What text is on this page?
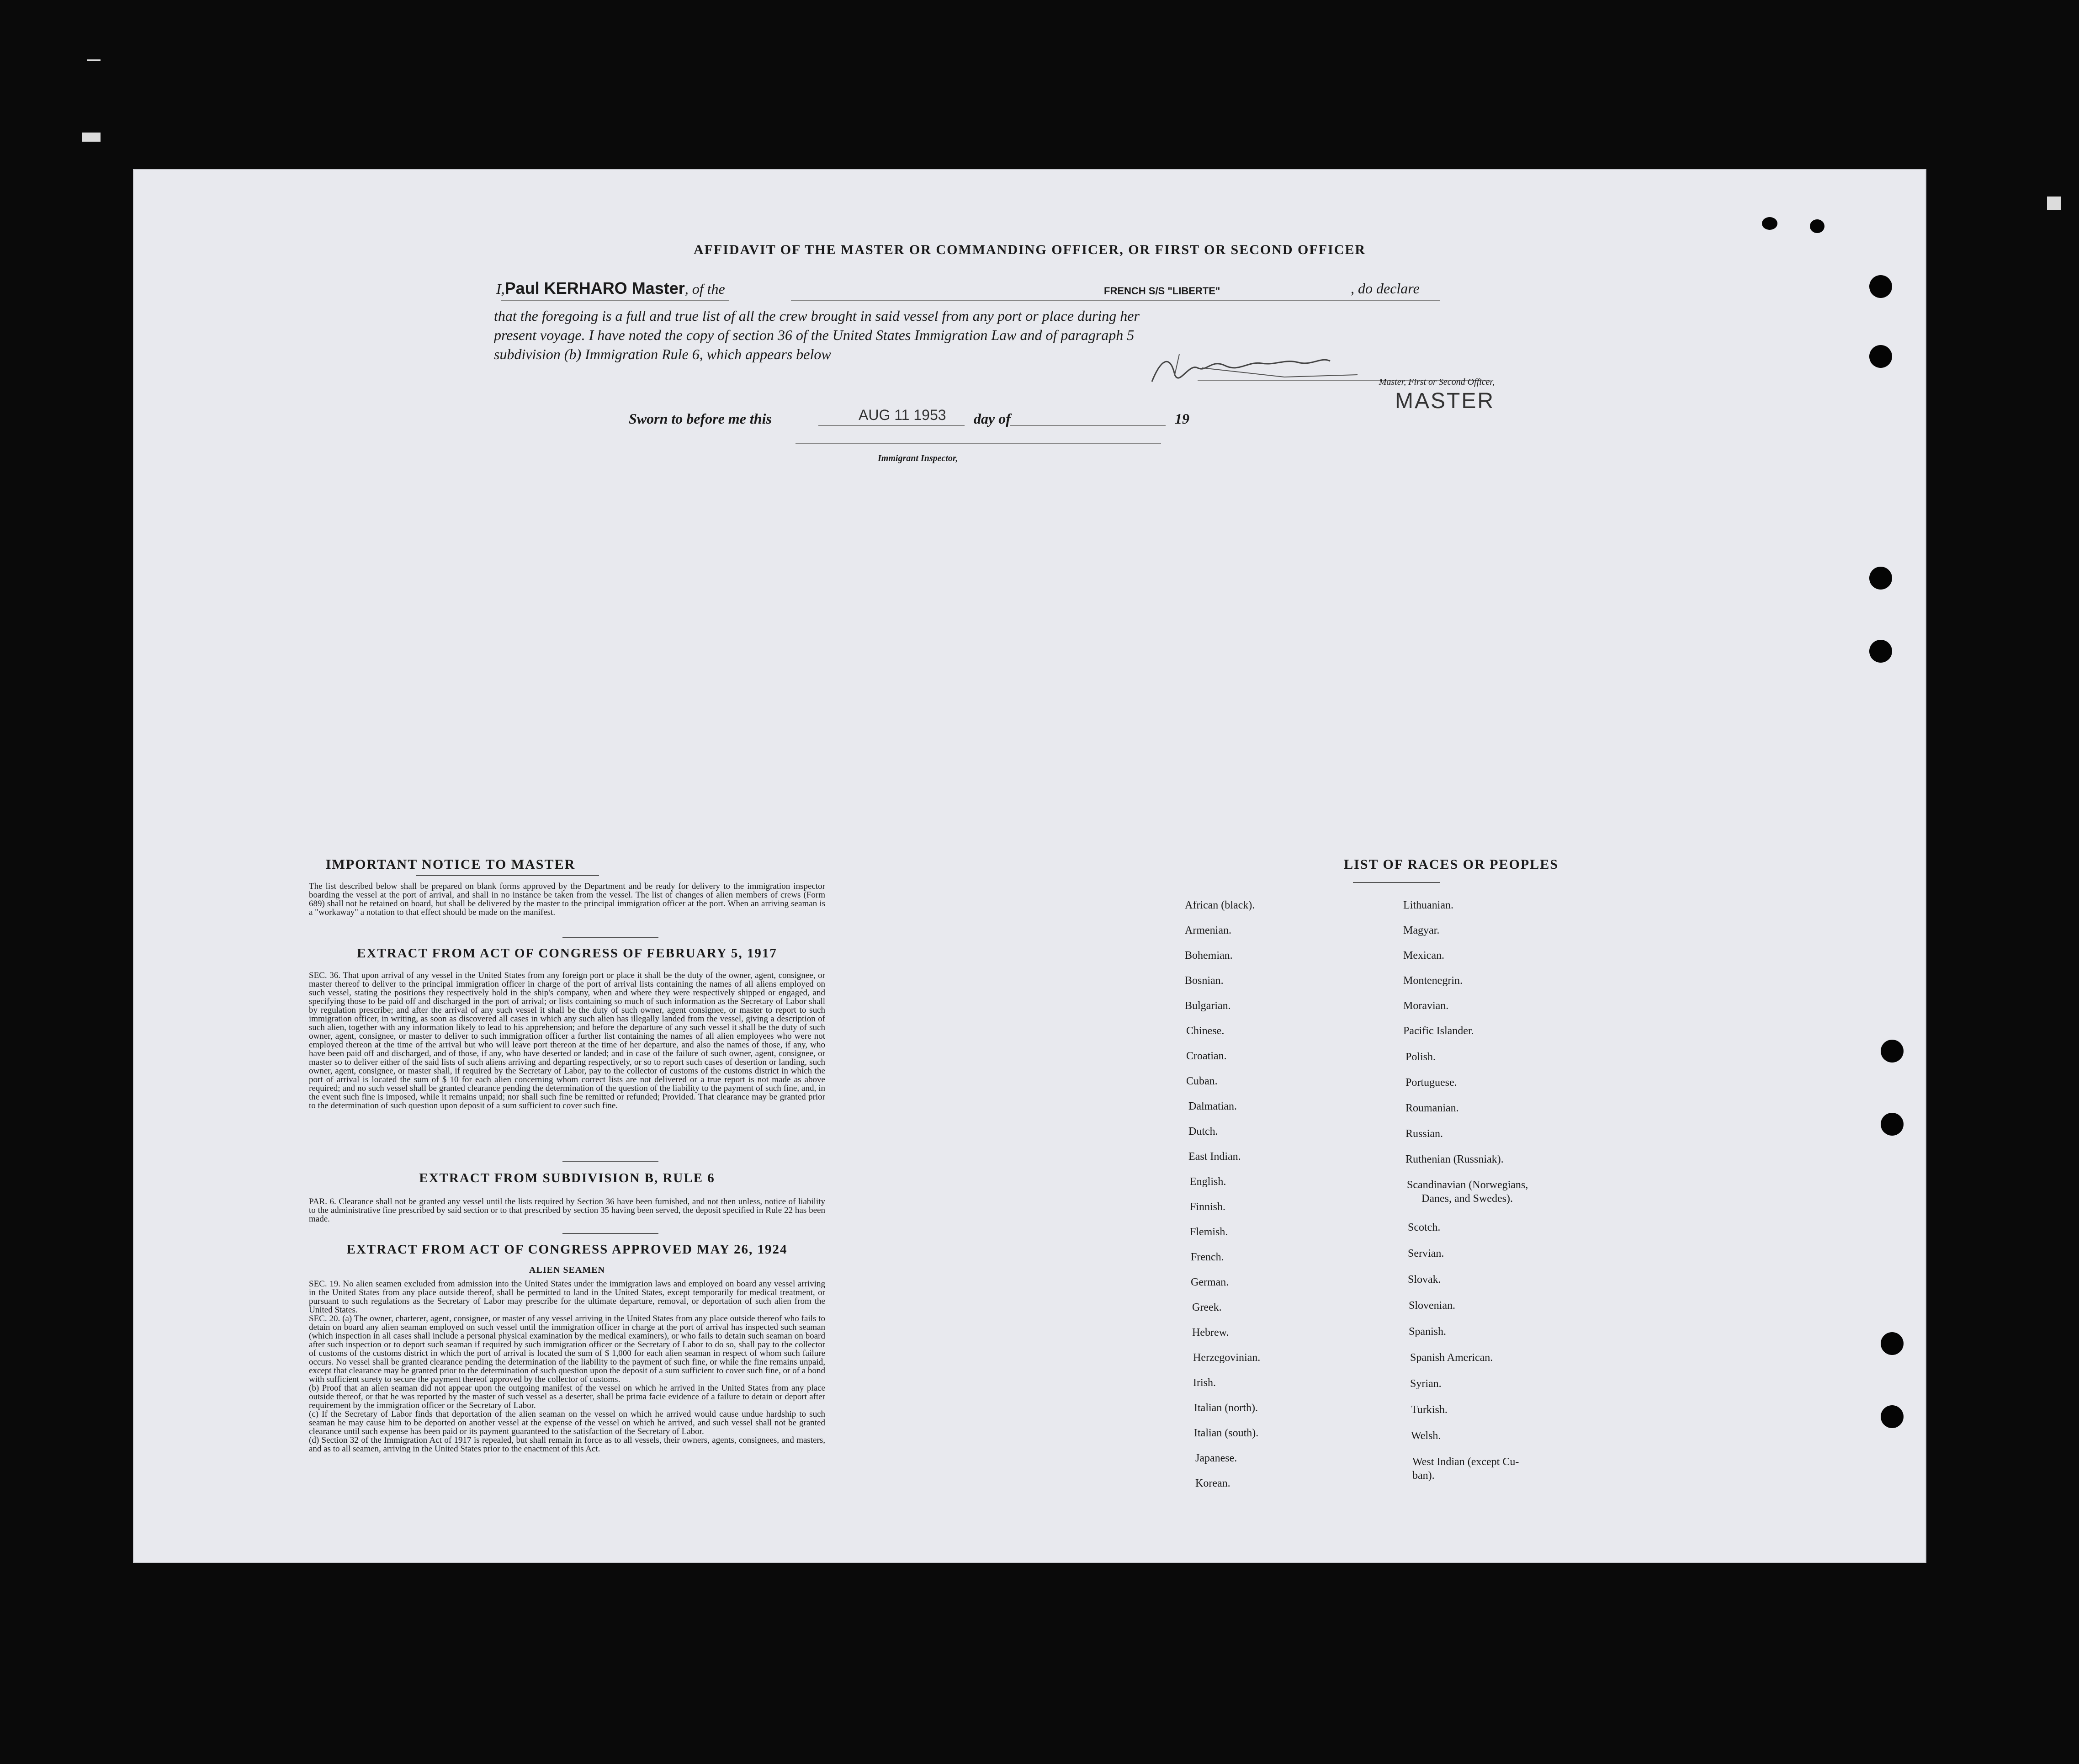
AFFIDAVIT OF THE MASTER OR COMMANDING OFFICER, OR FIRST OR SECOND OFFICER
I,Paul KERHARO Master, of the	FRENCH S/S "LIBERTE"	, do declare
that the foregoing is a full and true list of all the crew brought in said vessel from any port or place during her
present voyage. I have noted the copy of section 36 of the United States Immigration Law and of paragraph 5
subdivision (b) Immigration Rule 6, which appears below
Master, First or Second Officer,
MASTER
Sworn to before me this	AUG 11 1953 day of	19
Immigrant Inspector,
IMPORTANT NOTICE TO MASTER
The list described below shall be prepared on blank forms approved by the Department and be ready for delivery to the immigration inspector boarding the vessel at the port of arrival, and shall in no instance be taken from the vessel. The list of changes of alien members of crews (Form 689) shall not be retained on board, but shall be delivered by the master to the principal immigration officer at the port. When an arriving seaman is a "workaway" a notation to that effect should be made on the manifest.
EXTRACT FROM ACT OF CONGRESS OF FEBRUARY 5, 1917
SEC. 36. That upon arrival of any vessel in the United States from any foreign port or place it shall be the duty of the owner, agent, consignee, or master thereof to deliver to the principal immigration officer in charge of the port of arrival lists containing the names of all aliens employed on such vessel, stating the positions they respectively hold in the ship's company, when and where they were respectively shipped or engaged, and specifying those to be paid off and discharged in the port of arrival; or lists containing so much of such information as the Secretary of Labor shall by regulation prescribe; and after the arrival of any such vessel it shall be the duty of such owner, agent consignee, or master to report to such immigration officer, in writing, as soon as discovered all cases in which any such alien has illegally landed from the vessel, giving a description of such alien, together with any information likely to lead to his apprehension; and before the departure of any such vessel it shall be the duty of such owner, agent, consignee, or master to deliver to such immigration officer a further list containing the names of all alien employees who were not employed thereon at the time of the arrival but who will leave port thereon at the time of her departure, and also the names of those, if any, who have been paid off and discharged, and of those, if any, who have deserted or landed; and in case of the failure of such owner, agent, consignee, or master so to deliver either of the said lists of such aliens arriving and departing respectively, or so to report such cases of desertion or landing, such owner, agent, consignee, or master shall, if required by the Secretary of Labor, pay to the collector of customs of the customs district in which the port of arrival is located the sum of $ 10 for each alien concerning whom correct lists are not delivered or a true report is not made as above required; and no such vessel shall be granted clearance pending the determination of the question of the liability to the payment of such fine, and, in the event such fine is imposed, while it remains unpaid; nor shall such fine be remitted or refunded; Provided. That clearance may be granted prior to the determination of such question upon deposit of a sum sufficient to cover such fine.
EXTRACT FROM SUBDIVISION B, RULE 6
PAR. 6. Clearance shall not be granted any vessel until the lists required by Section 36 have been furnished, and not then unless, notice of liability to the administrative fine prescribed by said section or to that prescribed by section 35 having been served, the deposit specified in Rule 22 has been made.
EXTRACT FROM ACT OF CONGRESS APPROVED MAY 26, 1924
ALIEN SEAMEN
SEC. 19. No alien seamen excluded from admission into the United States under the immigration laws and employed on board any vessel arriving in the United States from any place outside thereof, shall be permitted to land in the United States, except temporarily for medical treatment, or pursuant to such regulations as the Secretary of Labor may prescribe for the ultimate departure, removal, or deportation of such alien from the United States.
SEC. 20. (a) The owner, charterer, agent, consignee, or master of any vessel arriving in the United States from any place outside thereof who fails to detain on board any alien seaman employed on such vessel until the immigration officer in charge at the port of arrival has inspected such seaman (which inspection in all cases shall include a personal physical examination by the medical examiners), or who fails to detain such seaman on board after such inspection or to deport such seaman if required by such immigration officer or the Secretary of Labor to do so, shall pay to the collector of customs of the customs district in which the port of arrival is located the sum of $ 1,000 for each alien seaman in respect of whom such failure occurs. No vessel shall be granted clearance pending the determination of the liability to the payment of such fine, or while the fine remains unpaid, except that clearance may be granted prior to the determination of such question upon the deposit of a sum sufficient to cover such fine, or of a bond with sufficient surety to secure the payment thereof approved by the collector of customs.
(b) Proof that an alien seaman did not appear upon the outgoing manifest of the vessel on which he arrived in the United States from any place outside thereof, or that he was reported by the master of such vessel as a deserter, shall be prima facie evidence of a failure to detain or deport after requirement by the immigration officer or the Secretary of Labor.
(c) If the Secretary of Labor finds that deportation of the alien seaman on the vessel on which he arrived would cause undue hardship to such seaman he may cause him to be deported on another vessel at the expense of the vessel on which he arrived, and such vessel shall not be granted clearance until such expense has been paid or its payment guaranteed to the satisfaction of the Secretary of Labor.
(d) Section 32 of the Immigration Act of 1917 is repealed, but shall remain in force as to all vessels, their owners, agents, consignees, and masters, and as to all seamen, arriving in the United States prior to the enactment of this Act.
LIST OF RACES OR PEOPLES
African (black).
Armenian.
Bohemian.
Bosnian.
Bulgarian.
Chinese.
Croatian.
Cuban.
Dalmatian.
Dutch.
East Indian.
English.
Finnish.
Flemish.
French.
German.
Greek.
Hebrew.
Herzegovinian.
Irish.
Italian (north).
Italian (south).
Japanese.
Korean.
Lithuanian.
Magyar.
Mexican.
Montenegrin.
Moravian.
Pacific Islander.
Polish.
Portuguese.
Roumanian.
Russian.
Ruthenian (Russniak).
Scandinavian (Norwegians,
Danes, and Swedes).
Scotch.
Servian.
Slovak.
Slovenian.
Spanish.
Spanish American.
Syrian.
Turkish.
Welsh.
West Indian (except Cu-
ban).
